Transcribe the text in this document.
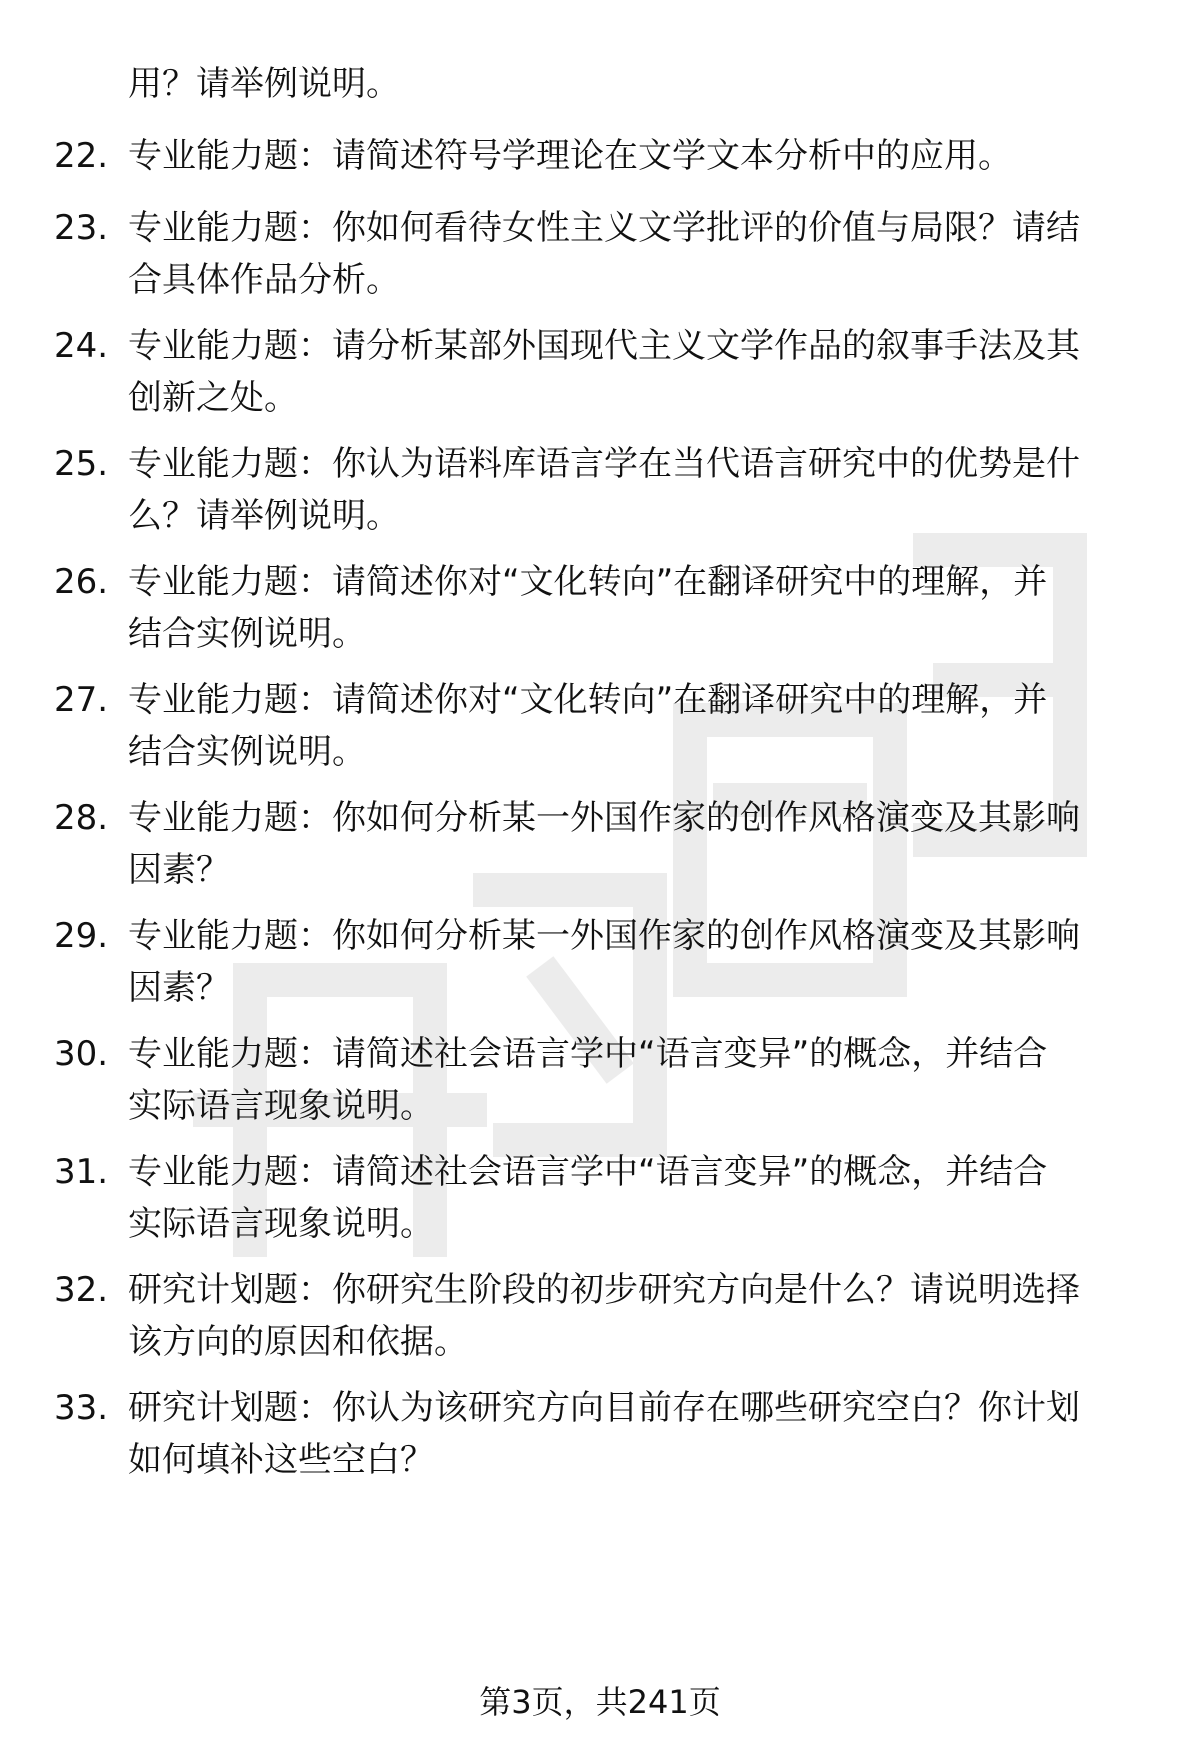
用？请举例说明。
22. 专业能力题：请简述符号学理论在文学文本分析中的应用。
23. 专业能力题：你如何看待女性主义文学批评的价值与局限？请结
合具体作品分析。
24. 专业能力题：请分析某部外国现代主义文学作品的叙事手法及其
创新之处。
25. 专业能力题：你认为语料库语言学在当代语言研究中的优势是什
么？请举例说明。
26. 专业能力题：请简述你对“文化转向”在翻译研究中的理解，并
结合实例说明。
27. 专业能力题：请简述你对“文化转向”在翻译研究中的理解，并
结合实例说明。
28. 专业能力题：你如何分析某一外国作家的创作风格演变及其影响
因素？
29. 专业能力题：你如何分析某一外国作家的创作风格演变及其影响
因素？
30. 专业能力题：请简述社会语言学中“语言变异”的概念，并结合
实际语言现象说明。
31. 专业能力题：请简述社会语言学中“语言变异”的概念，并结合
实际语言现象说明。
32. 研究计划题：你研究生阶段的初步研究方向是什么？请说明选择
该方向的原因和依据。
33. 研究计划题：你认为该研究方向目前存在哪些研究空白？你计划
如何填补这些空白？
第3页，共241页
